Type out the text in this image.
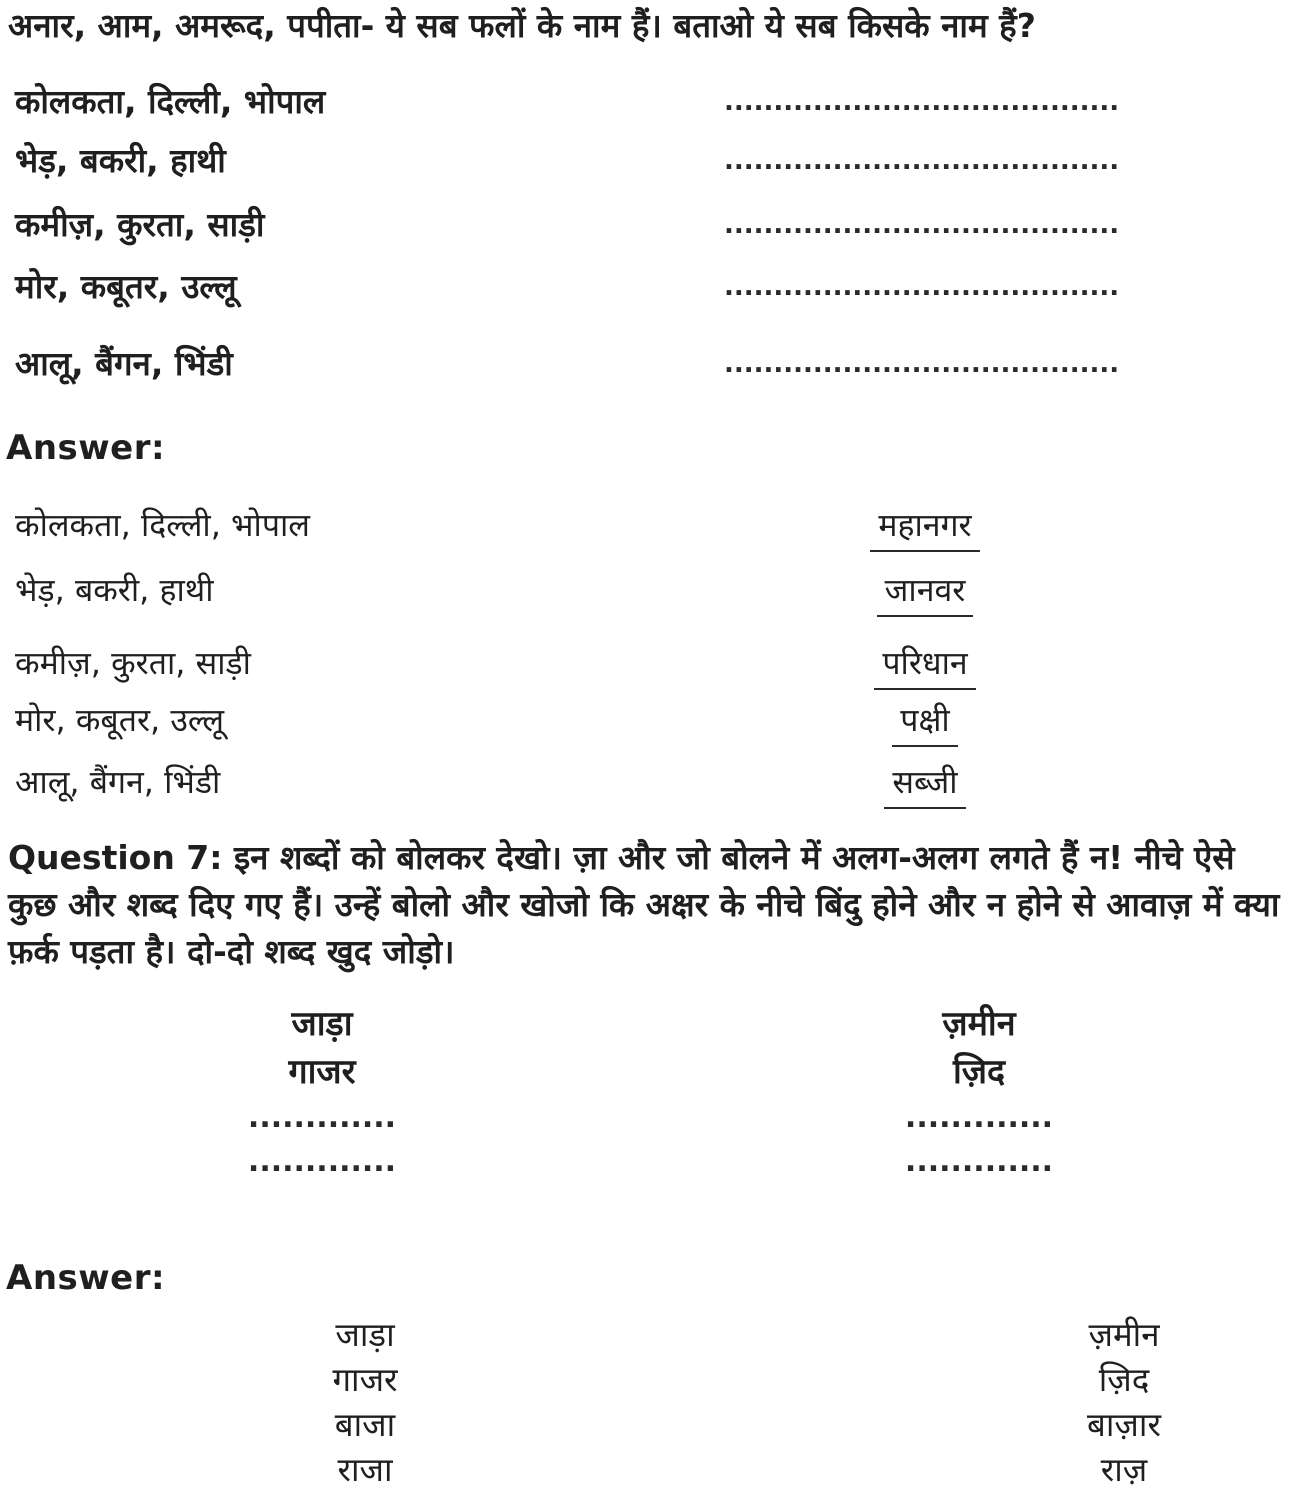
अनार, आम, अमरूद, पपीता- ये सब फलों के नाम हैं। बताओ ये सब किसके नाम हैं?

कोलकता, दिल्ली, भोपाल	........................................
भेड़, बकरी, हाथी	........................................
कमीज़, कुरता, साड़ी	........................................
मोर, कबूतर, उल्लू	........................................
आलू, बैंगन, भिंडी	........................................
Answer:
कोलकता, दिल्ली, भोपाल	महानगर
भेड़, बकरी, हाथी	जानवर
कमीज़, कुरता, साड़ी	परिधान
मोर, कबूतर, उल्लू	पक्षी
आलू, बैंगन, भिंडी	सब्जी

Question 7: इन शब्दों को बोलकर देखो। ज़ा और जो बोलने में अलग-अलग लगते हैं न! नीचे ऐसे कुछ और शब्द दिए गए हैं। उन्हें बोलो और खोजो कि अक्षर के नीचे बिंदु होने और न होने से आवाज़ में क्या फ़र्क पड़ता है। दो-दो शब्द खुद जोड़ो।

जाड़ा
गाजर
.............
.............
ज़मीन
ज़िद
.............
.............
Answer:
जाड़ा
गाजर
बाजा
राजा
ज़मीन
ज़िद
बाज़ार
राज़
